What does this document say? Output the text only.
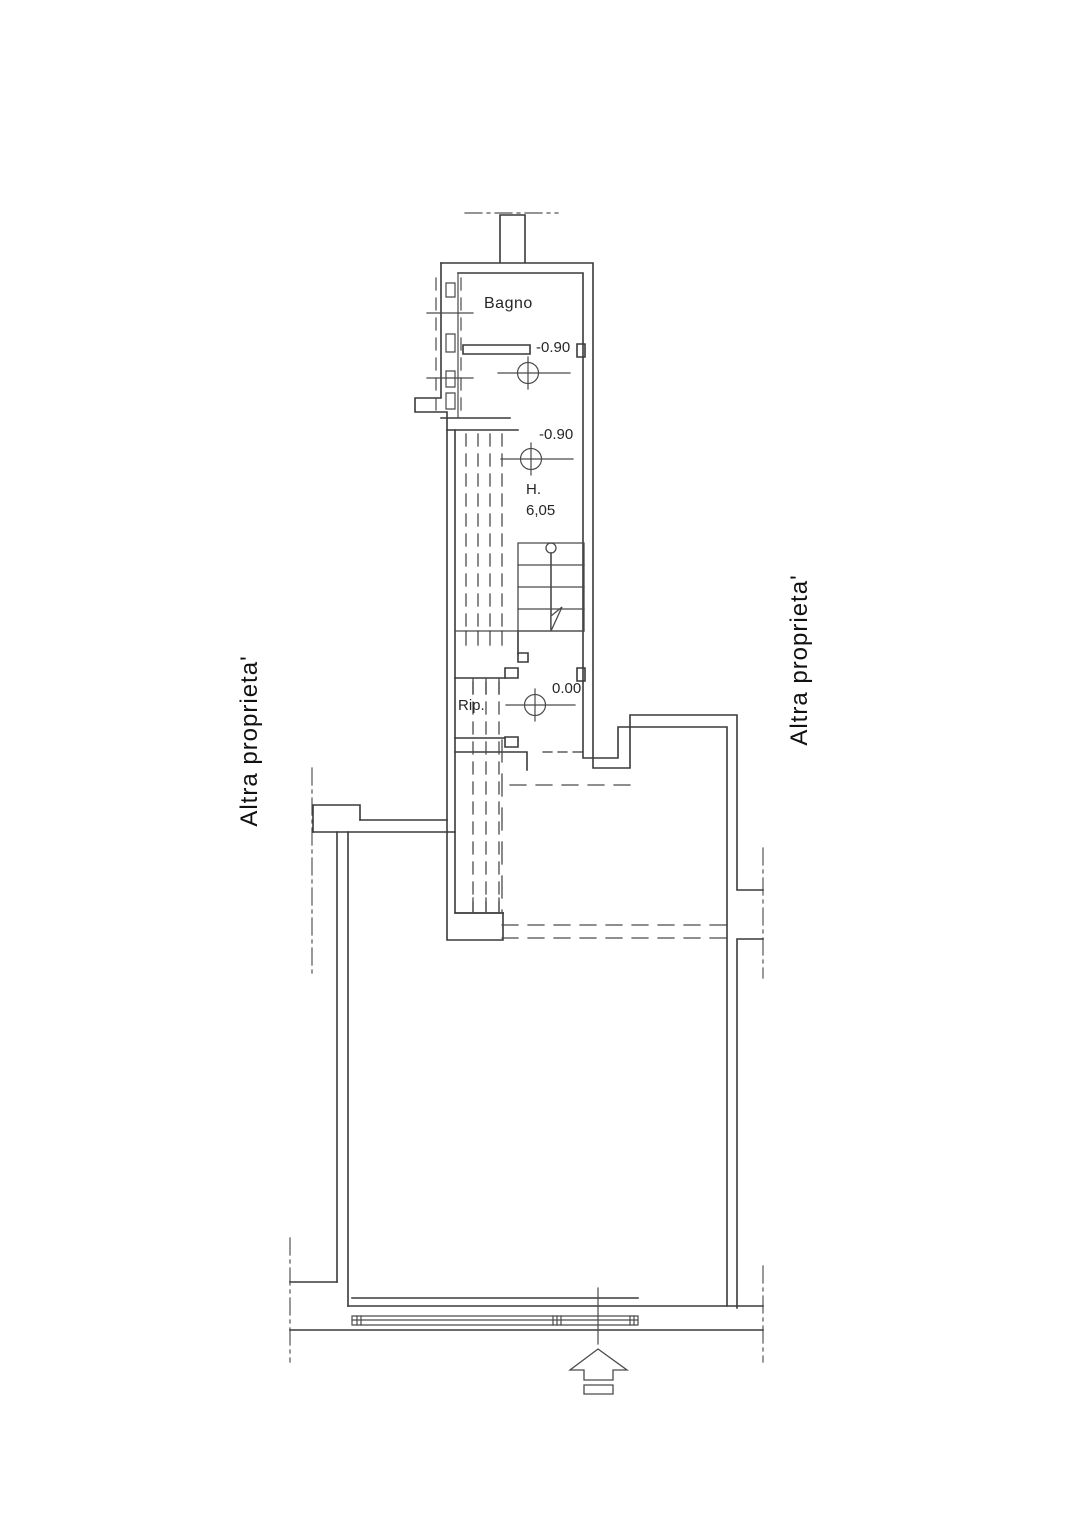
Bagno
-0.90
-0.90
H.
6,05
0.00
Rip.
Altra proprieta'	Altra proprieta'
